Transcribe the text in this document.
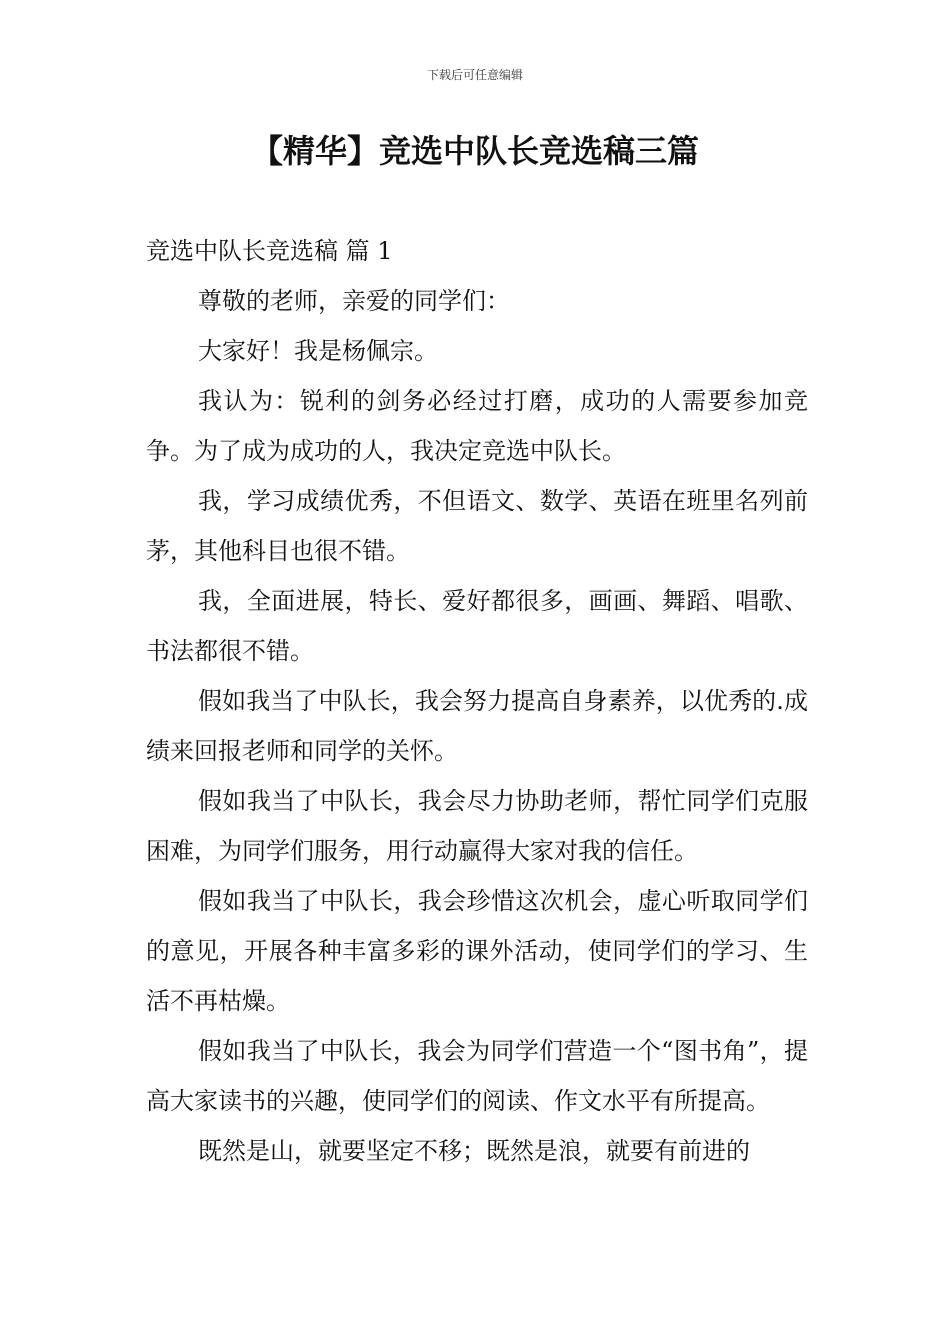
下载后可任意编辑
【精华】竞选中队长竞选稿三篇

竞选中队长竞选稿 篇 1

尊敬的老师，亲爱的同学们：

大家好！我是杨佩宗。

我认为：锐利的剑务必经过打磨，成功的人需要参加竞争。为了成为成功的人，我决定竞选中队长。

我，学习成绩优秀，不但语文、数学、英语在班里名列前茅，其他科目也很不错。

我，全面进展，特长、爱好都很多，画画、舞蹈、唱歌、书法都很不错。

假如我当了中队长，我会努力提高自身素养，以优秀的.成绩来回报老师和同学的关怀。

假如我当了中队长，我会尽力协助老师，帮忙同学们克服困难，为同学们服务，用行动赢得大家对我的信任。

假如我当了中队长，我会珍惜这次机会，虚心听取同学们的意见，开展各种丰富多彩的课外活动，使同学们的学习、生活不再枯燥。

假如我当了中队长，我会为同学们营造一个“图书角”，提高大家读书的兴趣，使同学们的阅读、作文水平有所提高。

既然是山，就要坚定不移；既然是浪，就要有前进的
